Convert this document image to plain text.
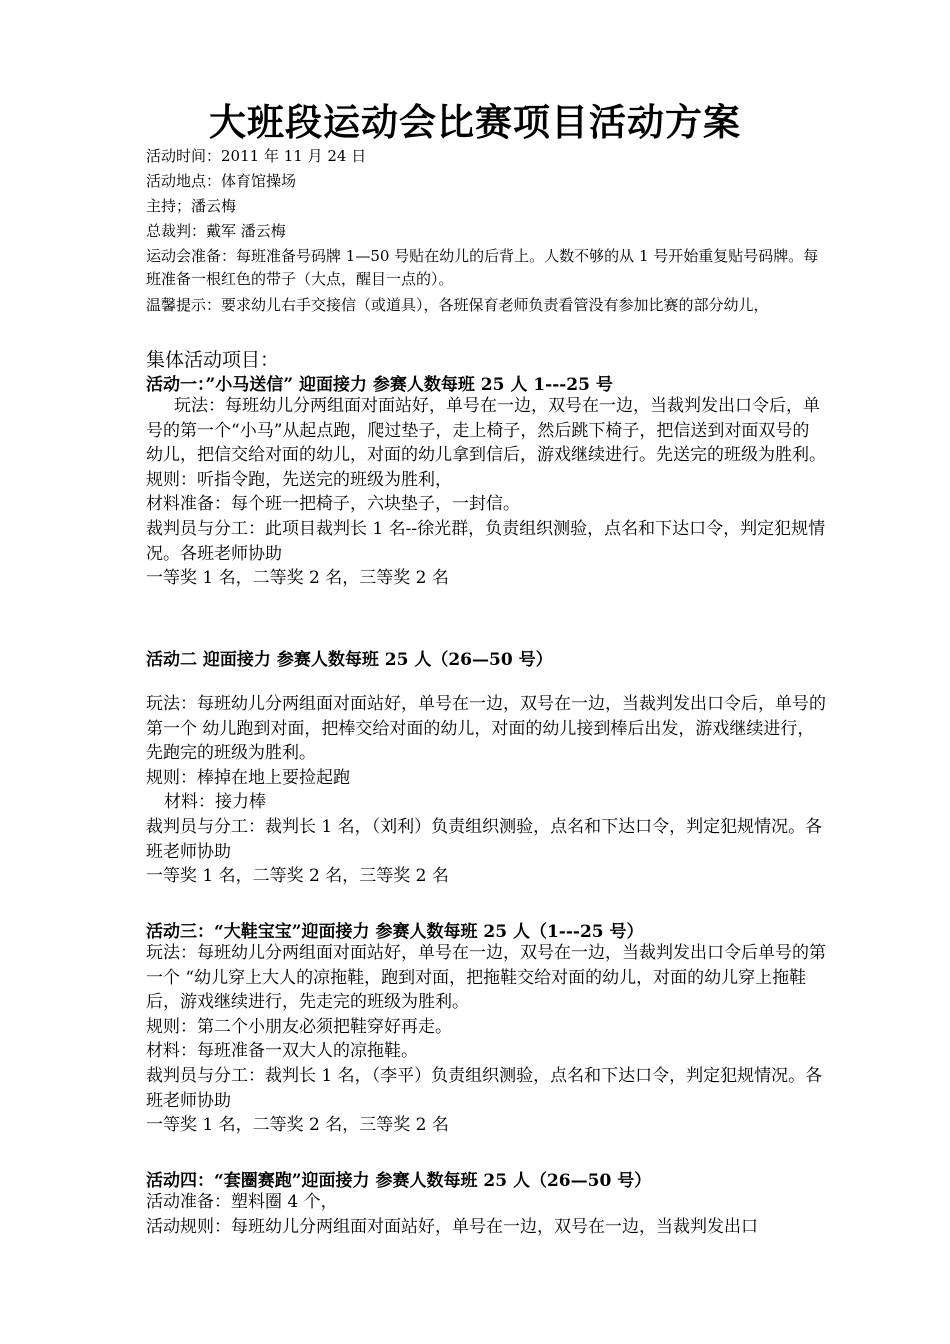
大班段运动会比赛项目活动方案

活动时间：2011 年 11 月 24 日

活动地点：体育馆操场

主持；潘云梅

总裁判：戴军 潘云梅

运动会准备：每班准备号码牌 1—50 号贴在幼儿的后背上。人数不够的从 1 号开始重复贴号码牌。每班准备一根红色的带子（大点，醒目一点的）。

温馨提示：要求幼儿右手交接信（或道具），各班保育老师负责看管没有参加比赛的部分幼儿，

集体活动项目：
活动一：”小马送信” 迎面接力 参赛人数每班 25 人 1---25 号

玩法：每班幼儿分两组面对面站好，单号在一边，双号在一边，当裁判发出口令后，单号的第一个“小马”从起点跑，爬过垫子，走上椅子，然后跳下椅子，把信送到对面双号的幼儿，把信交给对面的幼儿，对面的幼儿拿到信后，游戏继续进行。先送完的班级为胜利。

规则：听指令跑，先送完的班级为胜利，

材料准备：每个班一把椅子，六块垫子，一封信。

裁判员与分工：此项目裁判长 1 名--徐光群，负责组织测验，点名和下达口令，判定犯规情况。各班老师协助

一等奖 1 名，二等奖 2 名，三等奖 2 名

活动二 迎面接力 参赛人数每班 25 人（26—50 号）

玩法：每班幼儿分两组面对面站好，单号在一边，双号在一边，当裁判发出口令后，单号的第一个 幼儿跑到对面，把棒交给对面的幼儿，对面的幼儿接到棒后出发，游戏继续进行，先跑完的班级为胜利。

规则：棒掉在地上要捡起跑

材料：接力棒

裁判员与分工：裁判长 1 名，（刘利）负责组织测验，点名和下达口令，判定犯规情况。各班老师协助

一等奖 1 名，二等奖 2 名，三等奖 2 名

活动三：“大鞋宝宝”迎面接力 参赛人数每班 25 人（1---25 号）

玩法：每班幼儿分两组面对面站好，单号在一边，双号在一边，当裁判发出口令后单号的第一个 “幼儿穿上大人的凉拖鞋，跑到对面，把拖鞋交给对面的幼儿，对面的幼儿穿上拖鞋后，游戏继续进行，先走完的班级为胜利。

规则：第二个小朋友必须把鞋穿好再走。

材料：每班准备一双大人的凉拖鞋。

裁判员与分工：裁判长 1 名，（李平）负责组织测验，点名和下达口令，判定犯规情况。各班老师协助

一等奖 1 名，二等奖 2 名，三等奖 2 名

活动四：“套圈赛跑”迎面接力 参赛人数每班 25 人（26—50 号）

活动准备：塑料圈 4 个，

活动规则：每班幼儿分两组面对面站好，单号在一边，双号在一边，当裁判发出口
